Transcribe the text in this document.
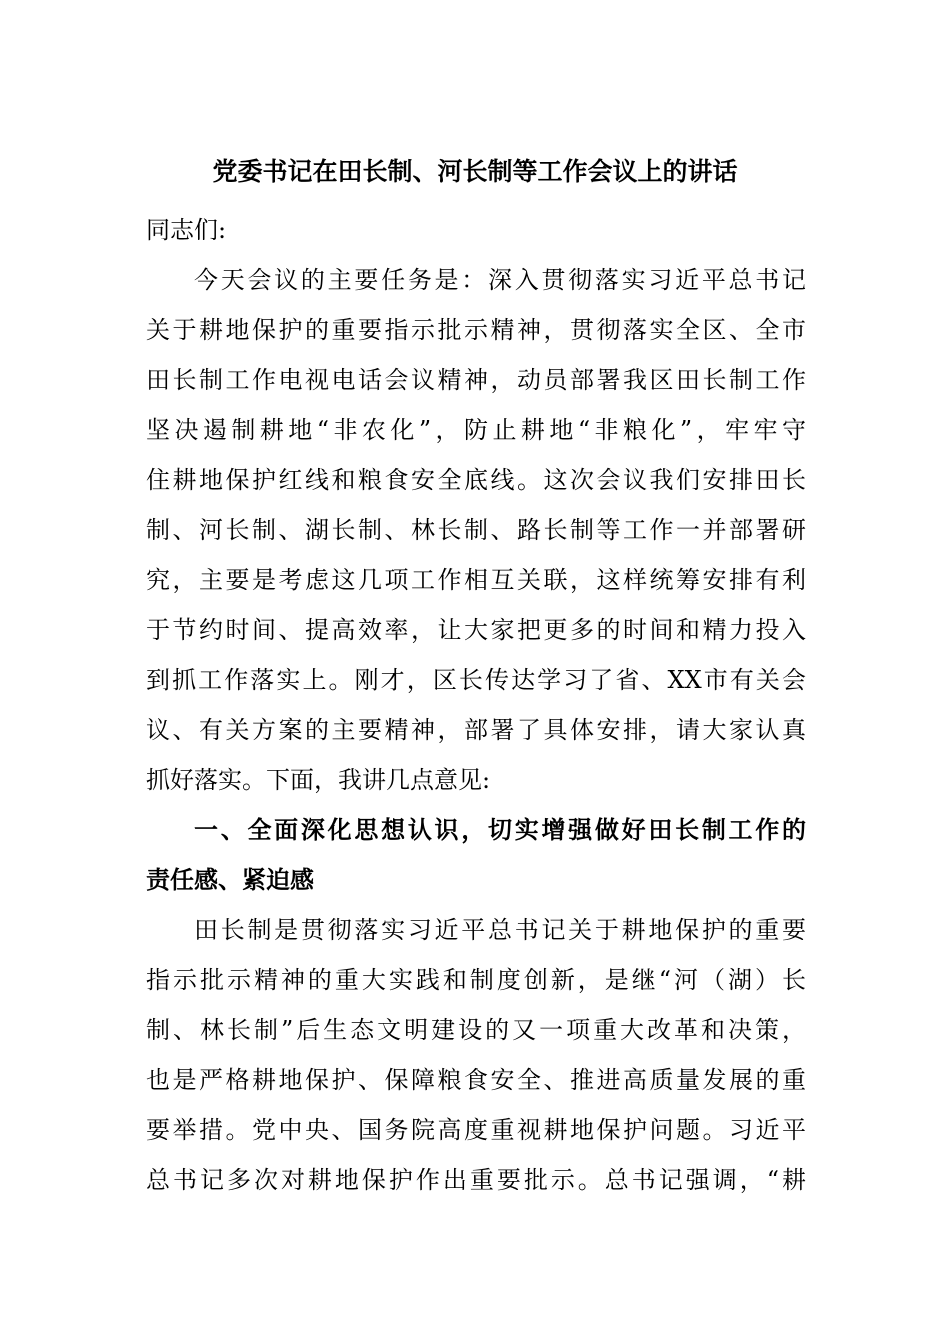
党委书记在田长制、河长制等工作会议上的讲话
同志们:
今天会议的主要任务是：深入贯彻落实习近平总书记
关于耕地保护的重要指示批示精神，贯彻落实全区、全市
田长制工作电视电话会议精神，动员部署我区田长制工作
坚决遏制耕地“非农化”，防止耕地“非粮化”，牢牢守
住耕地保护红线和粮食安全底线。这次会议我们安排田长
制、河长制、湖长制、林长制、路长制等工作一并部署研
究，主要是考虑这几项工作相互关联，这样统筹安排有利
于节约时间、提高效率，让大家把更多的时间和精力投入
到抓工作落实上。刚才，区长传达学习了省、XX市有关会
议、有关方案的主要精神，部署了具体安排，请大家认真
抓好落实。下面，我讲几点意见:
一、全面深化思想认识，切实增强做好田长制工作的
责任感、紧迫感
田长制是贯彻落实习近平总书记关于耕地保护的重要
指示批示精神的重大实践和制度创新，是继“河（湖）长
制、林长制”后生态文明建设的又一项重大改革和决策，
也是严格耕地保护、保障粮食安全、推进高质量发展的重
要举措。党中央、国务院高度重视耕地保护问题。习近平
总书记多次对耕地保护作出重要批示。总书记强调，“耕
